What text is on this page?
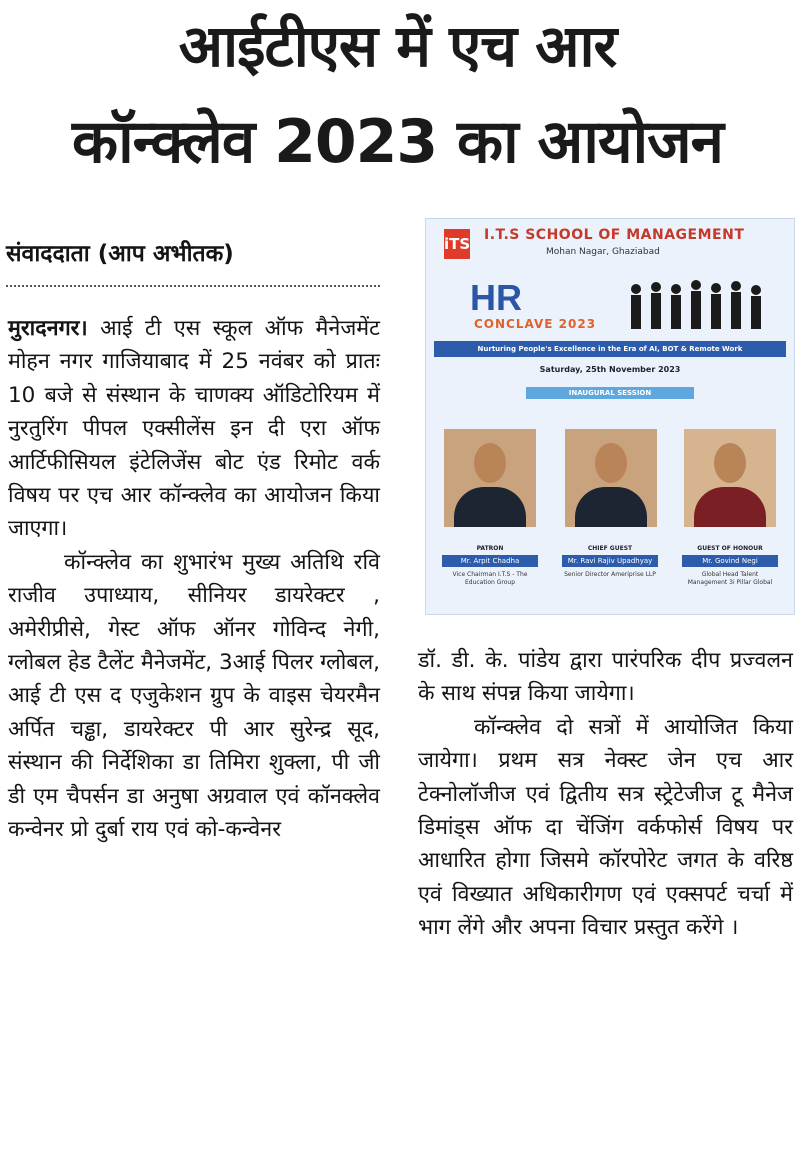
आईटीएस में एच आर
कॉन्क्लेव 2023 का आयोजन
संवाददाता (आप अभीतक)

मुरादनगर। आई टी एस स्कूल ऑफ मैनेजमेंट मोहन नगर गाजियाबाद में 25 नवंबर को प्रातः 10 बजे से संस्थान के चाणक्य ऑडिटोरियम में नुरतुरिंग पीपल एक्सीलेंस इन दी एरा ऑफ आर्टिफीसियल इंटेलिजेंस बोट एंड रिमोट वर्क विषय पर एच आर कॉन्क्लेव का आयोजन किया जाएगा।

कॉन्क्लेव का शुभारंभ मुख्य अतिथि रवि राजीव उपाध्याय, सीनियर डायरेक्टर , अमेरीप्रीसे, गेस्ट ऑफ ऑनर गोविन्द नेगी, ग्लोबल हेड टैलेंट मैनेजमेंट, 3आई पिलर ग्लोबल, आई टी एस द एजुकेशन ग्रुप के वाइस चेयरमैन अर्पित चड्ढा, डायरेक्टर पी आर सुरेन्द्र सूद, संस्थान की निर्देशिका डा तिमिरा शुक्ला, पी जी डी एम चैपर्सन डा अनुषा अग्रवाल एवं कॉनक्लेव कन्वेनर प्रो दुर्बा राय एवं को-कन्वेनर

डॉ. डी. के. पांडेय द्वारा पारंपरिक दीप प्रज्वलन के साथ संपन्न किया जायेगा।

कॉन्क्लेव दो सत्रों में आयोजित किया जायेगा। प्रथम सत्र नेक्स्ट जेन एच आर टेक्नोलॉजीज एवं द्वितीय सत्र स्ट्रेटेजीज टू मैनेज डिमांड्स ऑफ दा चेंजिंग वर्कफोर्स विषय पर आधारित होगा जिसमे कॉरपोरेट जगत के वरिष्ठ एवं विख्यात अधिकारीगण एवं एक्सपर्ट चर्चा में भाग लेंगे और अपना विचार प्रस्तुत करेंगे ।

iTS I.T.S SCHOOL OF MANAGEMENT
Mohan Nagar, Ghaziabad
HR
CONCLAVE 2023
Nurturing People's Excellence in the Era of AI, BOT & Remote Work
Saturday, 25th November 2023
INAUGURAL SESSION
PATRON
Mr. Arpit Chadha
Vice Chairman I.T.S - The Education Group
CHIEF GUEST
Mr. Ravi Rajiv Upadhyay
Senior Director Ameriprise LLP
GUEST OF HONOUR
Mr. Govind Negi
Global Head Talent Management 3i Pillar Global
